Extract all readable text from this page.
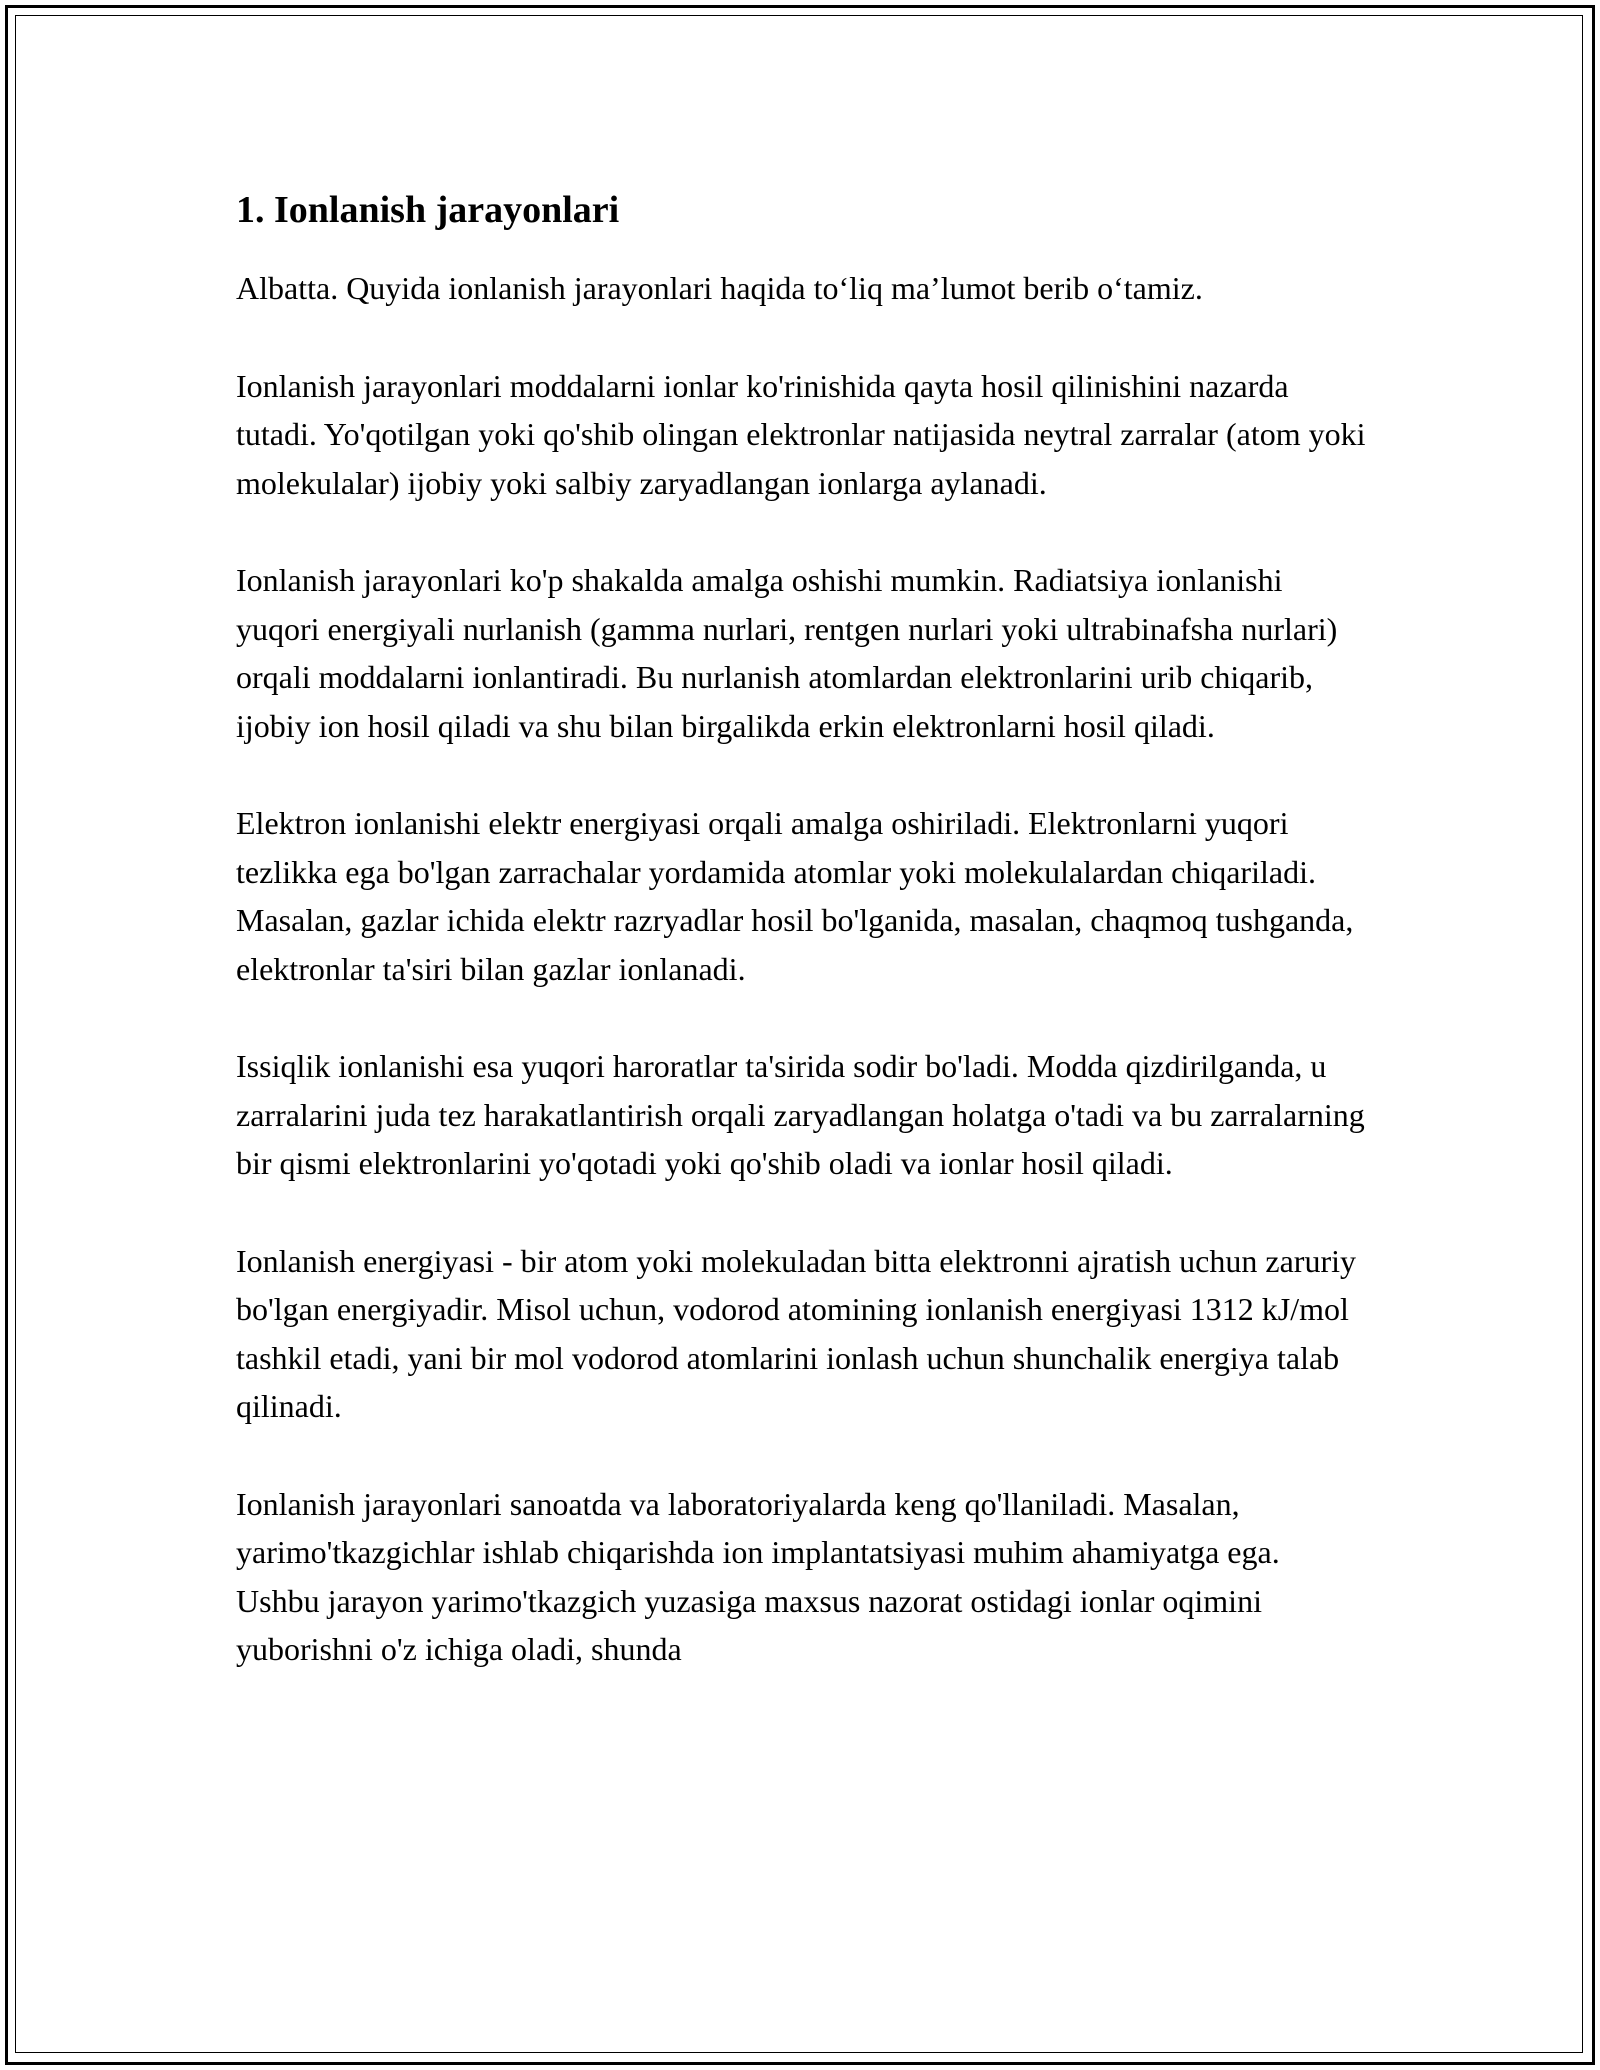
1. Ionlanish jarayonlari

Albatta. Quyida ionlanish jarayonlari haqida to‘liq ma’lumot berib o‘tamiz.

Ionlanish jarayonlari moddalarni ionlar ko'rinishida qayta hosil qilinishini nazarda tutadi. Yo'qotilgan yoki qo'shib olingan elektronlar natijasida neytral zarralar (atom yoki molekulalar) ijobiy yoki salbiy zaryadlangan ionlarga aylanadi.

Ionlanish jarayonlari ko'p shakalda amalga oshishi mumkin. Radiatsiya ionlanishi yuqori energiyali nurlanish (gamma nurlari, rentgen nurlari yoki ultrabinafsha nurlari) orqali moddalarni ionlantiradi. Bu nurlanish atomlardan elektronlarini urib chiqarib, ijobiy ion hosil qiladi va shu bilan birgalikda erkin elektronlarni hosil qiladi.

Elektron ionlanishi elektr energiyasi orqali amalga oshiriladi. Elektronlarni yuqori tezlikka ega bo'lgan zarrachalar yordamida atomlar yoki molekulalardan chiqariladi. Masalan, gazlar ichida elektr razryadlar hosil bo'lganida, masalan, chaqmoq tushganda, elektronlar ta'siri bilan gazlar ionlanadi.

Issiqlik ionlanishi esa yuqori haroratlar ta'sirida sodir bo'ladi. Modda qizdirilganda, u zarralarini juda tez harakatlantirish orqali zaryadlangan holatga o'tadi va bu zarralarning bir qismi elektronlarini yo'qotadi yoki qo'shib oladi va ionlar hosil qiladi.

Ionlanish energiyasi - bir atom yoki molekuladan bitta elektronni ajratish uchun zaruriy bo'lgan energiyadir. Misol uchun, vodorod atomining ionlanish energiyasi 1312 kJ/mol tashkil etadi, yani bir mol vodorod atomlarini ionlash uchun shunchalik energiya talab qilinadi.

Ionlanish jarayonlari sanoatda va laboratoriyalarda keng qo'llaniladi. Masalan, yarimo'tkazgichlar ishlab chiqarishda ion implantatsiyasi muhim ahamiyatga ega. Ushbu jarayon yarimo'tkazgich yuzasiga maxsus nazorat ostidagi ionlar oqimini yuborishni o'z ichiga oladi, shunda
